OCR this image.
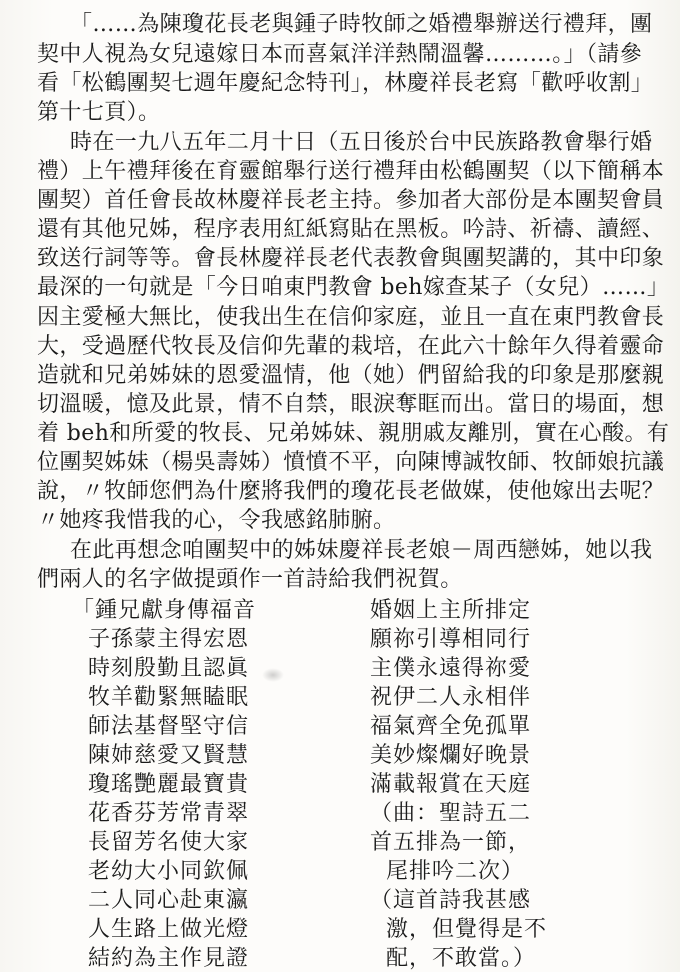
「……為陳瓊花長老與鍾子時牧師之婚禮舉辦送行禮拜，團
契中人視為女兒遠嫁日本而喜氣洋洋熱鬧溫馨………。」（請參
看「松鶴團契七週年慶紀念特刊」，林慶祥長老寫「歡呼收割」
第十七頁）。
時在一九八五年二月十日（五日後於台中民族路教會舉行婚
禮）上午禮拜後在育靈館舉行送行禮拜由松鶴團契（以下簡稱本
團契）首任會長故林慶祥長老主持。參加者大部份是本團契會員
還有其他兄姊，程序表用紅紙寫貼在黑板。吟詩、祈禱、讀經、
致送行詞等等。會長林慶祥長老代表教會與團契講的，其中印象
最深的一句就是「今日咱東門教會 beh嫁查某子（女兒）……」
因主愛極大無比，使我出生在信仰家庭，並且一直在東門教會長
大，受過歷代牧長及信仰先輩的栽培，在此六十餘年久得着靈命
造就和兄弟姊妹的恩愛溫情，他（她）們留給我的印象是那麼親
切溫暖，憶及此景，情不自禁，眼淚奪眶而出。當日的場面，想
着 beh和所愛的牧長、兄弟姊妹、親朋戚友離別，實在心酸。有
位團契姊妹（楊吳壽姊）憤憤不平，向陳博誠牧師、牧師娘抗議
說，〃牧師您們為什麼將我們的瓊花長老做媒，使他嫁出去呢？
〃她疼我惜我的心，令我感銘肺腑。
在此再想念咱團契中的姊妹慶祥長老娘－周西戀姊，她以我
們兩人的名字做提頭作一首詩給我們祝賀。
「鍾兄獻身傳福音
子孫蒙主得宏恩
時刻殷勤且認眞
牧羊勸緊無瞌眠
師法基督堅守信
陳姉慈愛又賢慧
瓊瑤艷麗最寶貴
花香芬芳常青翠
長留芳名使大家
老幼大小同欽佩
二人同心赴東瀛
人生路上做光燈
結約為主作見證
婚姻上主所排定
願祢引導相同行
主僕永遠得祢愛
祝伊二人永相伴
福氣齊全免孤單
美妙燦爛好晚景
滿載報賞在天庭
（曲：聖詩五二
首五排為一節，
尾排吟二次）
（這首詩我甚感
激，但覺得是不
配，不敢當。）
